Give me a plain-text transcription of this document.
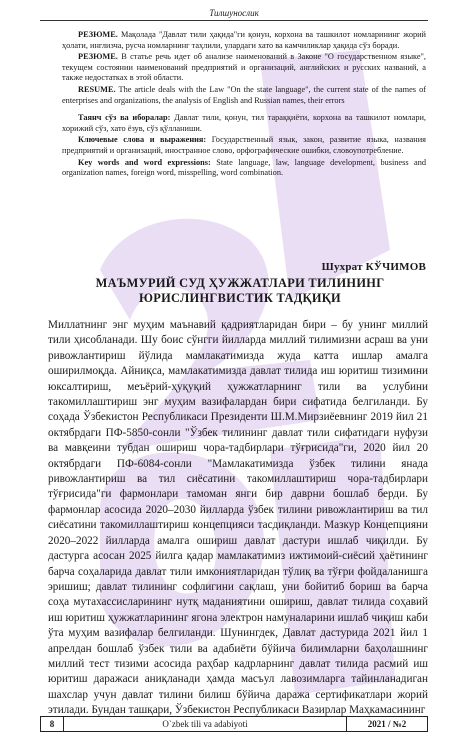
Тилшунослик

РЕЗЮМЕ. Мақолада "Давлат тили ҳақида"ги қонун, корхона ва ташкилот номларининг жорий ҳолати, инглизча, русча номларнинг таҳлили, улардаги хато ва камчиликлар ҳақида сўз боради.

РЕЗЮМЕ. В статье речь идет об анализе наименований в Законе "О государственном языке", текущем состоянии наименований предприятий и организаций, английских и русских названий, а также недостатках в этой области.

RESUME. The article deals with the Law "On the state language", the current state of the names of enterprises and organizations, the analysis of English and Russian names, their errors

Таянч сўз ва иборалар: Давлат тили, қонун, тил тараққиёти, корхона ва ташкилот номлари, хорижий сўз, хато ёзув, сўз қўлланиши.

Ключевые слова и выражения: Государственный язык, закон, развитие языка, названия предприятий и организаций, иностранное слово, орфографические ошибки, словоупотребление.

Key words and word expressions: State language, law, language development, business and organization names, foreign word, misspelling, word combination.

Шухрат КЎЧИМОВ
МАЪМУРИЙ СУД ҲУЖЖАТЛАРИ ТИЛИНИНГ
ЮРИСЛИНГВИСТИК ТАДҚИҚИ

Миллатнинг энг муҳим маънавий қадриятларидан бири – бу унинг миллий тили ҳисобланади. Шу боис сўнгги йилларда миллий тилимизни асраш ва уни ривожлантириш йўлида мамлакатимизда жуда катта ишлар амалга оширилмоқда. Айниқса, мамлакатимизда давлат тилида иш юритиш тизимини юксалтириш, меъёрий-ҳуқуқий ҳужжатларнинг тили ва услубини такомиллаштириш энг муҳим вазифалардан бири сифатида белгиланди. Бу соҳада Ўзбекистон Республикаси Президенти Ш.М.Мирзиёевнинг 2019 йил 21 октябрдаги ПФ-5850-сонли "Ўзбек тилининг давлат тили сифатидаги нуфузи ва мавқеини тубдан ошириш чора-тадбирлари тўғрисида"ги, 2020 йил 20 октябрдаги ПФ-6084-сонли "Мамлакатимизда ўзбек тилини янада ривожлантириш ва тил сиёсатини такомиллаштириш чора-тадбирлари тўғрисида"ги фармонлари тамоман янги бир даврни бошлаб берди. Бу фармонлар асосида 2020–2030 йилларда ўзбек тилини ривожлантириш ва тил сиёсатини такомиллаштириш концепцияси тасдиқланди. Мазкур Концепцияни 2020–2022 йилларда амалга ошириш давлат дастури ишлаб чиқилди. Бу дастурга асосан 2025 йилга қадар мамлакатимиз ижтимоий-сиёсий ҳаётининг барча соҳаларида давлат тили имкониятларидан тўлиқ ва тўғри фойдаланишга эришиш; давлат тилининг софлигини сақлаш, уни бойитиб бориш ва барча соҳа мутахассисларининг нутқ маданиятини ошириш, давлат тилида соҳавий иш юритиш ҳужжатларининг ягона электрон намуналарини ишлаб чиқиш каби ўта муҳим вазифалар белгиланди. Шунингдек, Давлат дастурида 2021 йил 1 апрелдан бошлаб ўзбек тили ва адабиёти бўйича билимларни баҳолашнинг миллий тест тизими асосида раҳбар кадрларнинг давлат тилида расмий иш юритиш даражаси аниқланади ҳамда масъул лавозимларга тайинланадиган шахслар учун давлат тилини билиш бўйича даража сертификатлари жорий этилади. Бундан ташқари, Ўзбекистон Республикаси Вазирлар Маҳкамасининг

8	O`zbek tili va adabiyoti	2021 / №2
